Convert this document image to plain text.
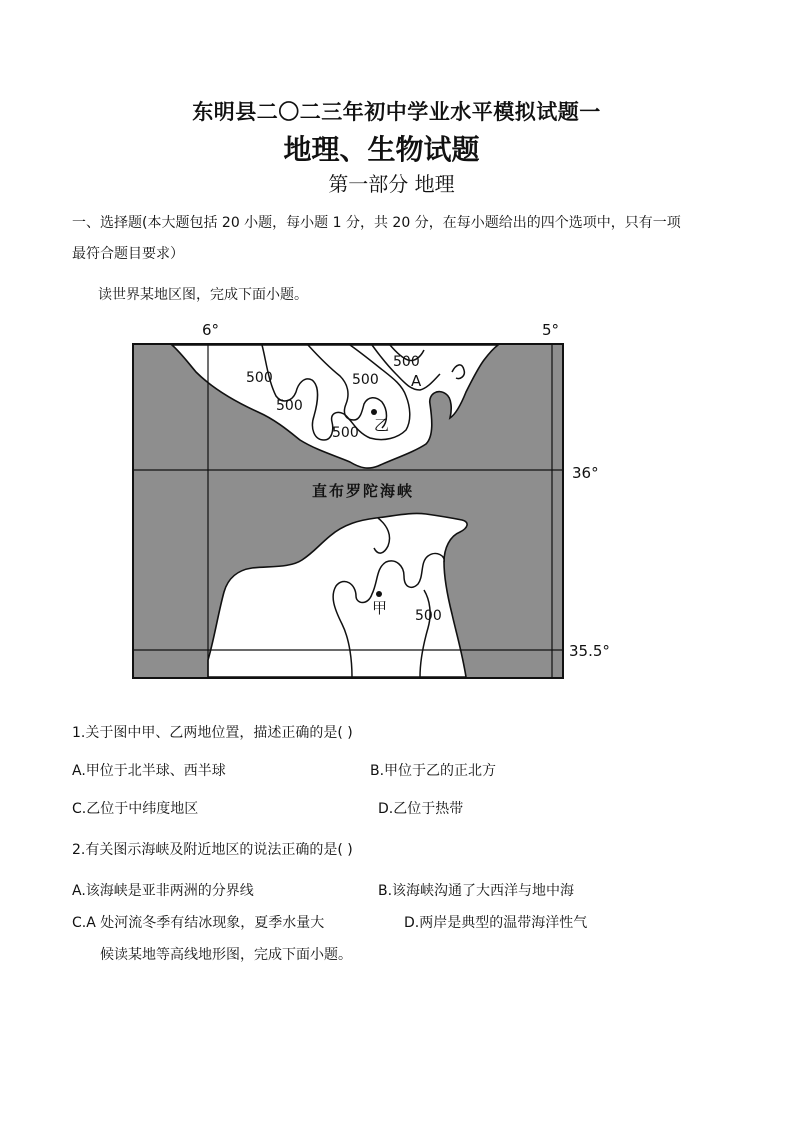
东明县二〇二三年初中学业水平模拟试题一
地理、生物试题
第一部分 地理
一、选择题(本大题包括 20 小题，每小题 1 分，共 20 分，在每小题给出的四个选项中，只有一项
最符合题目要求）
读世界某地区图，完成下面小题。
6°	5°
36°
35.5°
直布罗陀海峡
500	500
500
500
500
500
A
乙
甲
1.关于图中甲、乙两地位置，描述正确的是( )
A.甲位于北半球、西半球	B.甲位于乙的正北方
C.乙位于中纬度地区	D.乙位于热带
2.有关图示海峡及附近地区的说法正确的是( )
A.该海峡是亚非两洲的分界线	B.该海峡沟通了大西洋与地中海
C.A 处河流冬季有结冰现象，夏季水量大	D.两岸是典型的温带海洋性气
候读某地等高线地形图，完成下面小题。
